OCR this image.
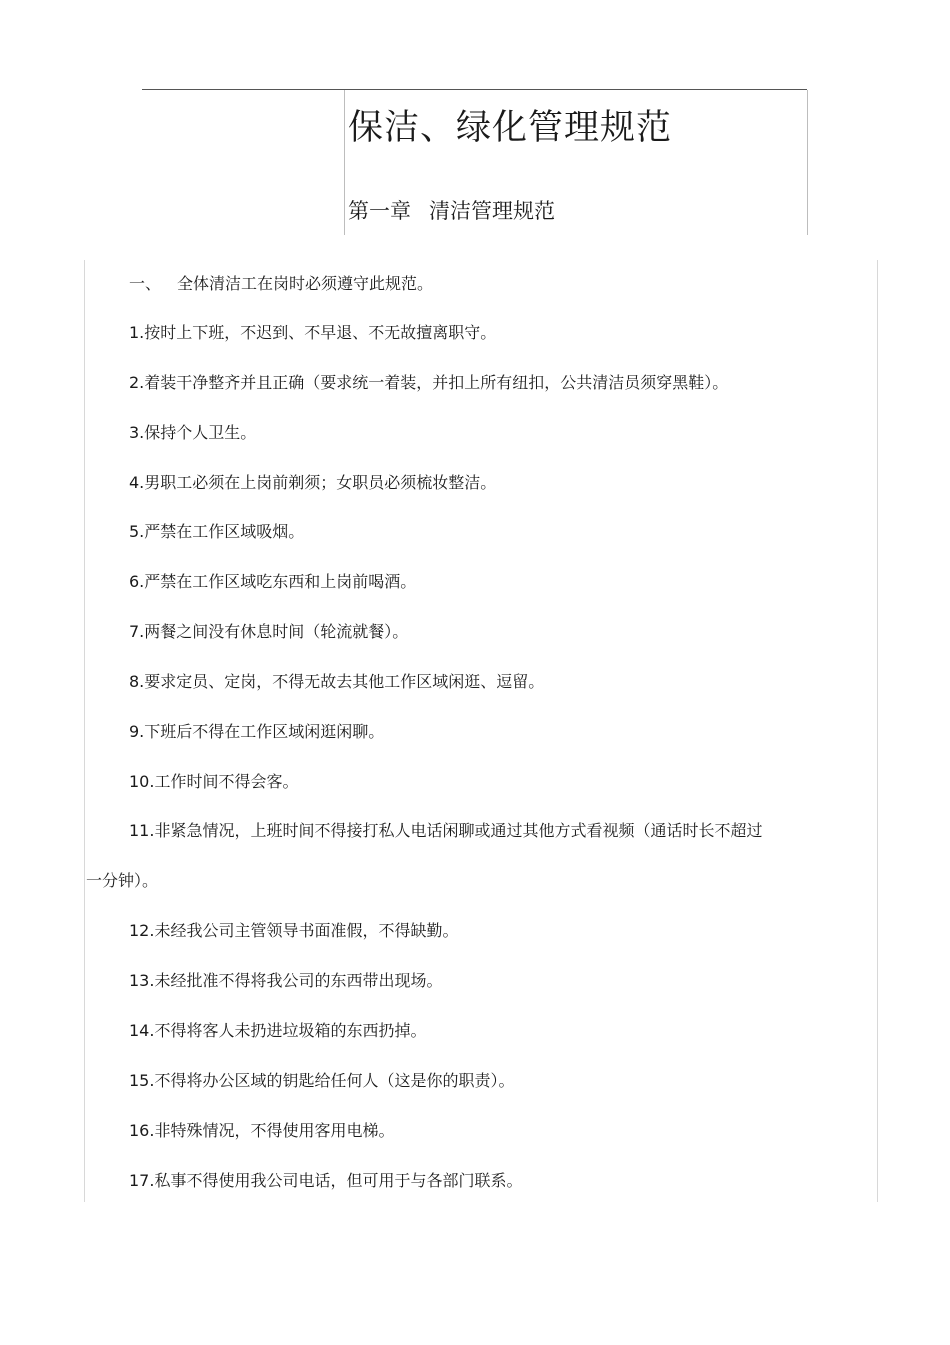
保洁、绿化管理规范
第一章 清洁管理规范
一、 全体清洁工在岗时必须遵守此规范。
1.按时上下班，不迟到、不早退、不无故擅离职守。
2.着装干净整齐并且正确（要求统一着装，并扣上所有纽扣，公共清洁员须穿黑鞋）。
3.保持个人卫生。
4.男职工必须在上岗前剃须；女职员必须梳妆整洁。
5.严禁在工作区域吸烟。
6.严禁在工作区域吃东西和上岗前喝酒。
7.两餐之间没有休息时间（轮流就餐）。
8.要求定员、定岗，不得无故去其他工作区域闲逛、逗留。
9.下班后不得在工作区域闲逛闲聊。
10.工作时间不得会客。
11.非紧急情况，上班时间不得接打私人电话闲聊或通过其他方式看视频（通话时长不超过
一分钟）。
12.未经我公司主管领导书面准假，不得缺勤。
13.未经批准不得将我公司的东西带出现场。
14.不得将客人未扔进垃圾箱的东西扔掉。
15.不得将办公区域的钥匙给任何人（这是你的职责）。
16.非特殊情况，不得使用客用电梯。
17.私事不得使用我公司电话，但可用于与各部门联系。
